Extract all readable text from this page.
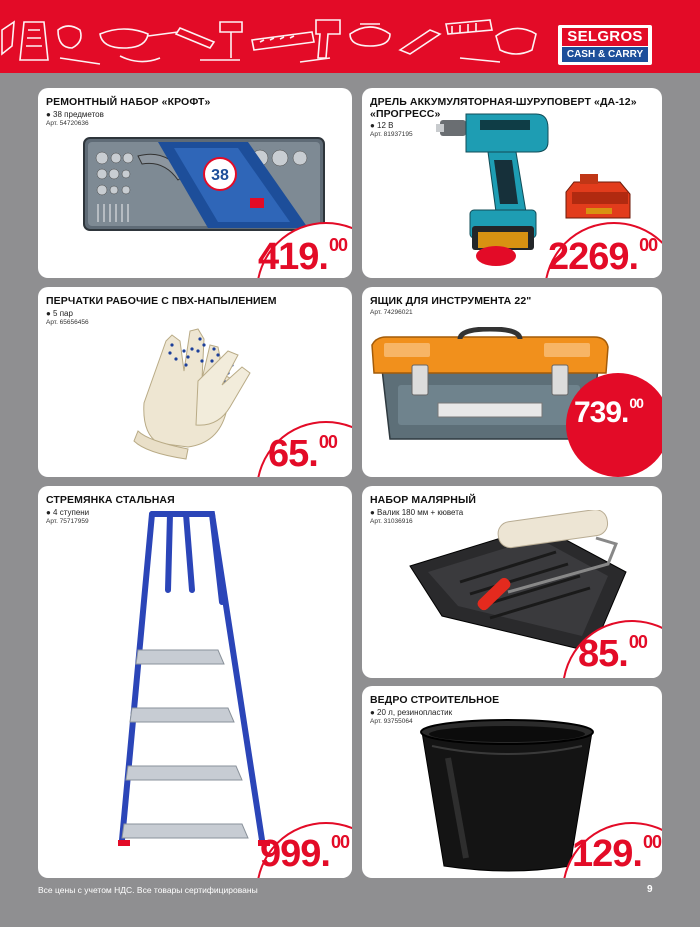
SELGROS
CASH & CARRY
РЕМОНТНЫЙ НАБОР «КРОФТ»
● 38 предметов
Арт. 54720636
38
419.00
ДРЕЛЬ АККУМУЛЯТОРНАЯ-ШУРУПОВЕРТ «ДА-12» «ПРОГРЕСС»
● 12 В
Арт. 81937195
2269.00
ПЕРЧАТКИ РАБОЧИЕ С ПВХ-НАПЫЛЕНИЕМ
● 5 пар
Арт. 65656456
65.00
ЯЩИК ДЛЯ ИНСТРУМЕНТА 22"
Арт. 74296021
739.00
СТРЕМЯНКА СТАЛЬНАЯ
● 4 ступени
Арт. 75717959
999.00
НАБОР МАЛЯРНЫЙ
● Валик 180 мм + кювета
Арт. 31036916
85.00
ВЕДРО СТРОИТЕЛЬНОЕ
● 20 л, резинопластик
Арт. 93755064
129.00
Все цены с учетом НДС. Все товары сертифицированы	9
